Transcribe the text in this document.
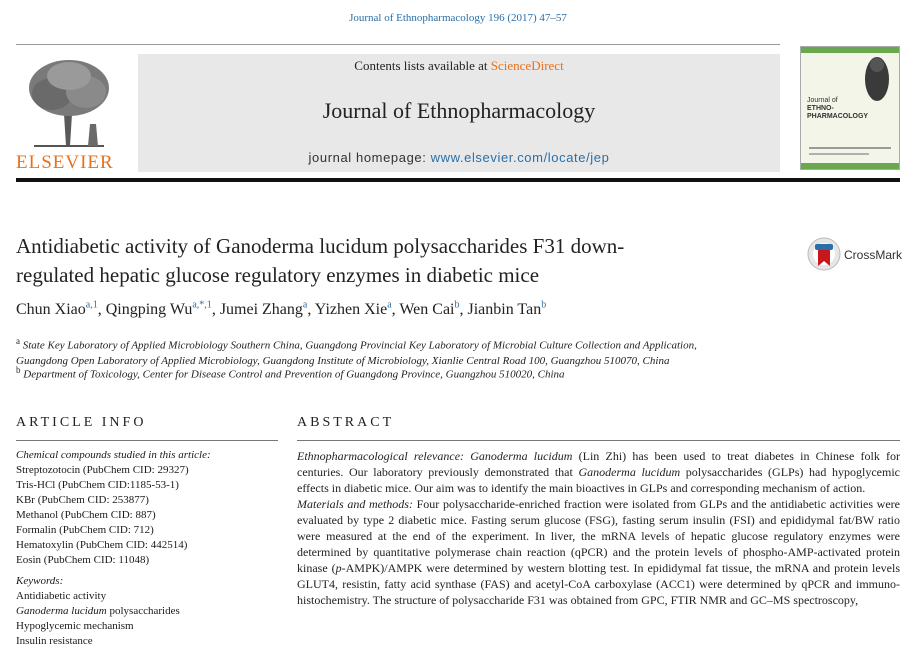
Journal of Ethnopharmacology 196 (2017) 47–57
ELSEVIER
Contents lists available at ScienceDirect
Journal of Ethnopharmacology
journal homepage: www.elsevier.com/locate/jep
Journal of
ETHNO-
PHARMACOLOGY
Antidiabetic activity of Ganoderma lucidum polysaccharides F31 down-
regulated hepatic glucose regulatory enzymes in diabetic mice
CrossMark
Chun Xiao$^{a,1}$, Qingping $Wu^{a,*,1}$, Jumei Zhang$^a$, Yizhen Xie$^a$, Wen Cai$^b$, Jianbin Tan$^b$
$^a$ State Key Laboratory of Applied Microbiology Southern China, Guangdong Provincial Key Laboratory of Microbial Culture Collection and Application,
Guangdong Open Laboratory of Applied Microbiology, Guangdong Institute of Microbiology, Xianlie Central Road 100, Guangzhou 510070, China
$^b$ Department of Toxicology, Center for Disease Control and Prevention of Guangdong Province, Guangzhou 510020, China
ARTICLE INFO
Chemical compounds studied in this article:
Streptozotocin (PubChem CID: 29327)
Tris-HCl (PubChem CID:1185-53-1)
KBr (PubChem CID: 253877)
Methanol (PubChem CID: 887)
Formalin (PubChem CID: 712)
Hematoxylin (PubChem CID: 442514)
Eosin (PubChem CID: 11048)
Keywords:
Antidiabetic activity
Ganoderma lucidum polysaccharides
Hypoglycemic mechanism
Insulin resistance
ABSTRACT

Ethnopharmacological relevance: Ganoderma lucidum (Lin Zhi) has been used to treat diabetes in Chinese folk for centuries. Our laboratory previously demonstrated that Ganoderma lucidum polysaccharides (GLPs) had hypoglycemic effects in diabetic mice. Our aim was to identify the main bioactives in GLPs and corresponding mechanism of action.

Materials and methods: Four polysaccharide-enriched fraction were isolated from GLPs and the antidiabetic activities were evaluated by type 2 diabetic mice. Fasting serum glucose (FSG), fasting serum insulin (FSI) and epididymal fat/BW ratio were measured at the end of the experiment. In liver, the mRNA levels of hepatic glucose regulatory enzymes were determined by quantitative polymerase chain reaction (qPCR) and the protein levels of phospho-AMP-activated protein kinase (p-AMPK)/AMPK were determined by western blotting test. In epididymal fat tissue, the mRNA and protein levels GLUT4, resistin, fatty acid synthase (FAS) and acetyl-CoA carboxylase (ACC1) were determined by qPCR and immuno-histochemistry. The structure of polysaccharide F31 was obtained from GPC, FTIR NMR and GC–MS spectroscopy,
